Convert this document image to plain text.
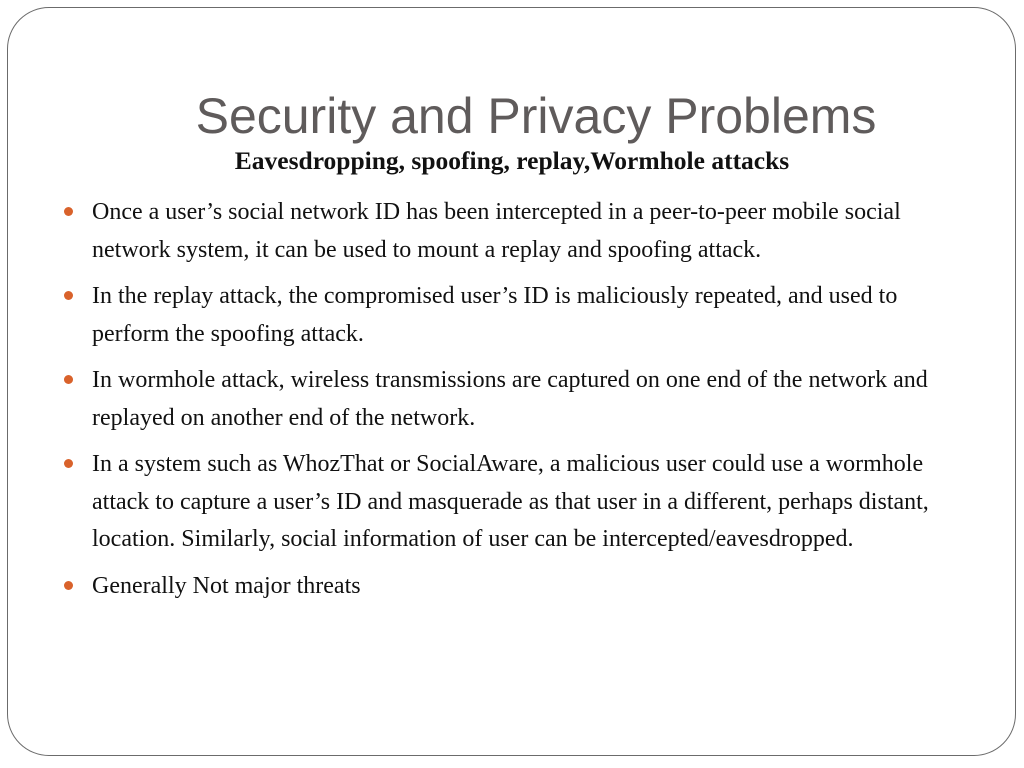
Security and Privacy Problems
Eavesdropping, spoofing, replay,Wormhole attacks
Once a user’s social network ID has been intercepted in a peer-to-peer mobile social network system, it can be used to mount a replay and spoofing attack.
In the replay attack, the compromised user’s ID is maliciously repeated, and used to perform the spoofing attack.
In wormhole attack, wireless transmissions are captured on one end of the network and replayed on another end of the network.
In a system such as WhozThat or SocialAware, a malicious user could use a wormhole attack to capture a user’s ID and masquerade as that user in a different, perhaps distant, location. Similarly, social information of user can be intercepted/eavesdropped.
Generally Not major threats
